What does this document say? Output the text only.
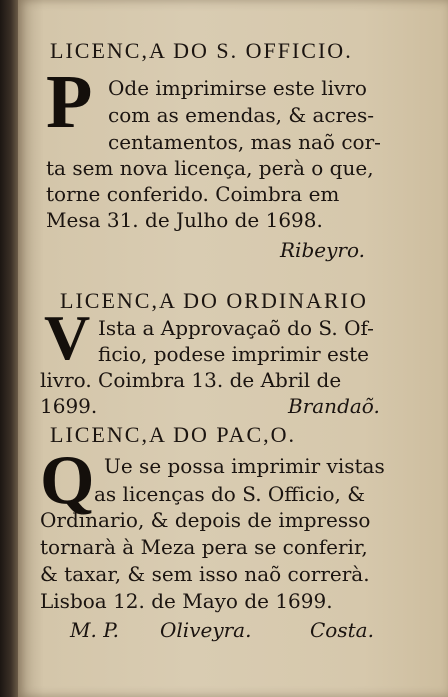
LICENC,A DO S. OFFICIO.
P Ode imprimirse este livro
com as emendas, & acres-
centamentos, mas naõ cor-
ta sem nova licença, perà o que,
torne conferido. Coimbra em
Mesa 31. de Julho de 1698.
Ribeyro.
LICENC,A DO ORDINARIO
V Ista a Approvaçaõ do S. Of-
ficio, podese imprimir este
livro. Coimbra 13. de Abril de
1699.	Brandaõ.
LICENC,A DO PAC,O.
Q Ue se possa imprimir vistas
as licenças do S. Officio, &
Ordinario, & depois de impresso
tornarà à Meza pera se conferir,
& taxar, & sem isso naõ correrà.
Lisboa 12. de Mayo de 1699.
M. P. Oliveyra.	Costa.
